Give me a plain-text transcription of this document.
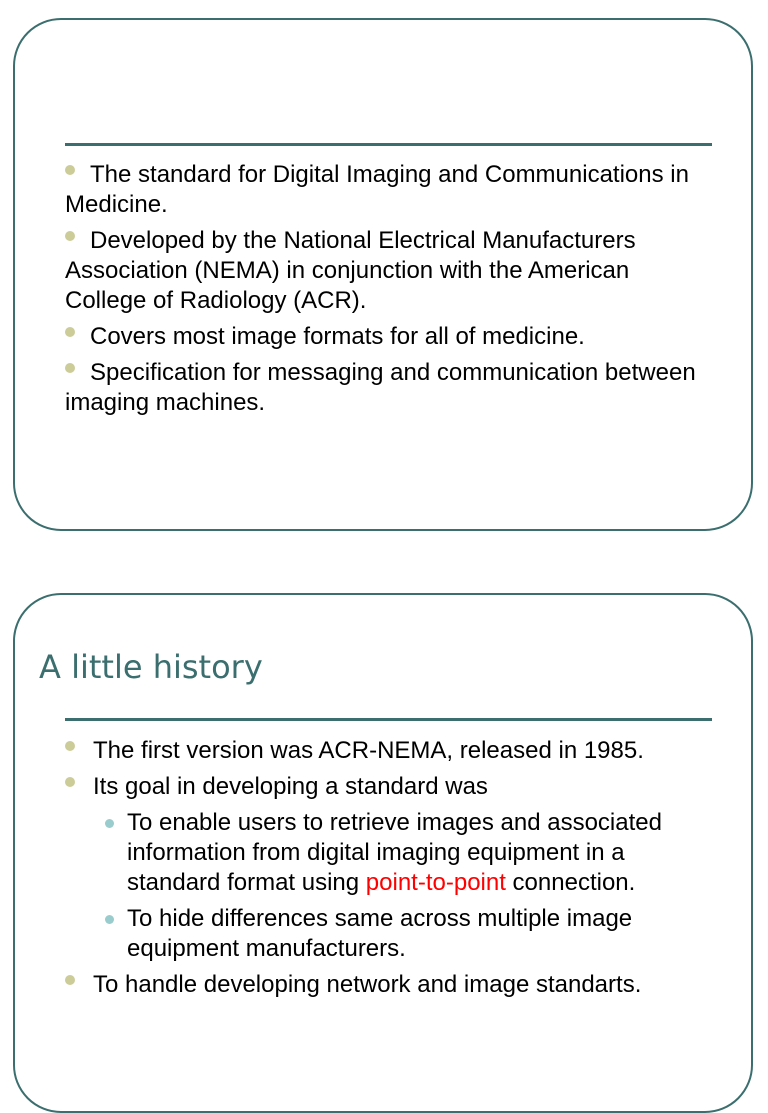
The standard for Digital Imaging and Communications in Medicine.
Developed by the National Electrical Manufacturers Association (NEMA) in conjunction with the American College of Radiology (ACR).
Covers most image formats for all of medicine.
Specification for messaging and communication between imaging machines.
A little history
The first version was ACR-NEMA, released in 1985.
Its goal in developing a standard was
To enable users to retrieve images and associated information from digital imaging equipment in a standard format using point-to-point connection.
To hide differences same across multiple image equipment manufacturers.
To handle developing network and image standarts.
